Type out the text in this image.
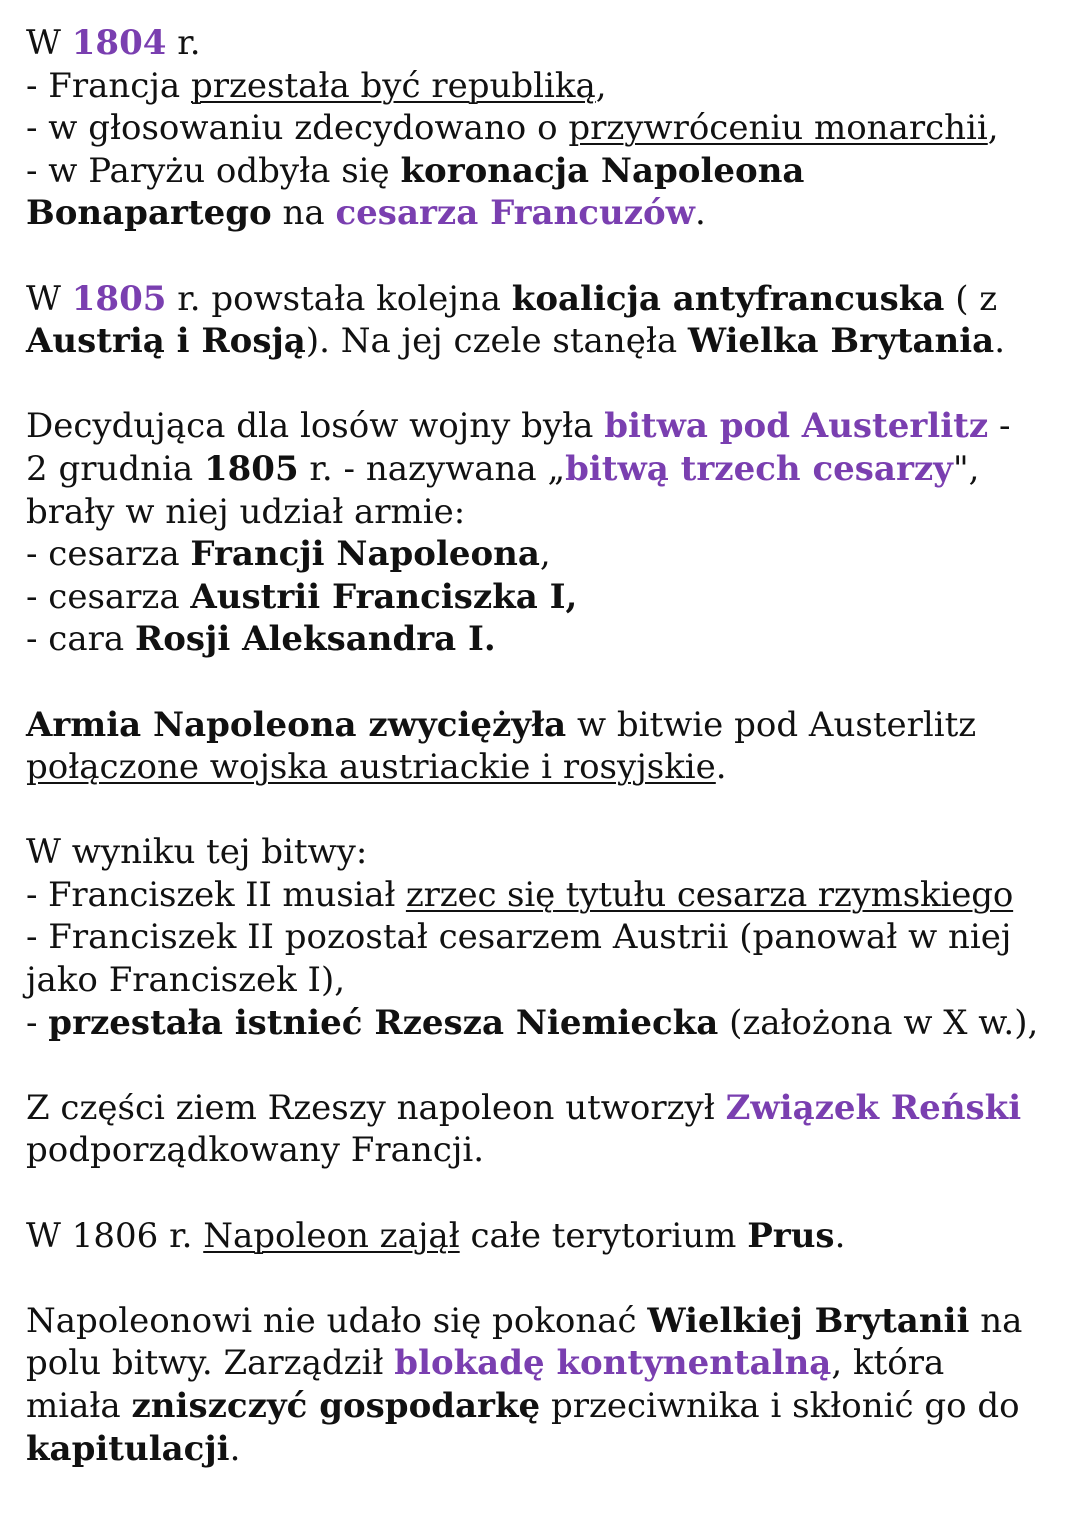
W 1804 r.
- Francja przestała być republiką,
- w głosowaniu zdecydowano o przywróceniu monarchii,
- w Paryżu odbyła się koronacja Napoleona
Bonapartego na cesarza Francuzów.
W 1805 r. powstała kolejna koalicja antyfrancuska ( z
Austrią i Rosją). Na jej czele stanęła Wielka Brytania.
Decydująca dla losów wojny była bitwa pod Austerlitz -
2 grudnia 1805 r. - nazywana „bitwą trzech cesarzy",
brały w niej udział armie:
- cesarza Francji Napoleona,
- cesarza Austrii Franciszka I,
- cara Rosji Aleksandra I.
Armia Napoleona zwyciężyła w bitwie pod Austerlitz
połączone wojska austriackie i rosyjskie.
W wyniku tej bitwy:
- Franciszek II musiał zrzec się tytułu cesarza rzymskiego
- Franciszek II pozostał cesarzem Austrii (panował w niej
jako Franciszek I),
- przestała istnieć Rzesza Niemiecka (założona w X w.),
Z części ziem Rzeszy napoleon utworzył Związek Reński
podporządkowany Francji.
W 1806 r. Napoleon zajął całe terytorium Prus.
Napoleonowi nie udało się pokonać Wielkiej Brytanii na
polu bitwy. Zarządził blokadę kontynentalną, która
miała zniszczyć gospodarkę przeciwnika i skłonić go do
kapitulacji.
